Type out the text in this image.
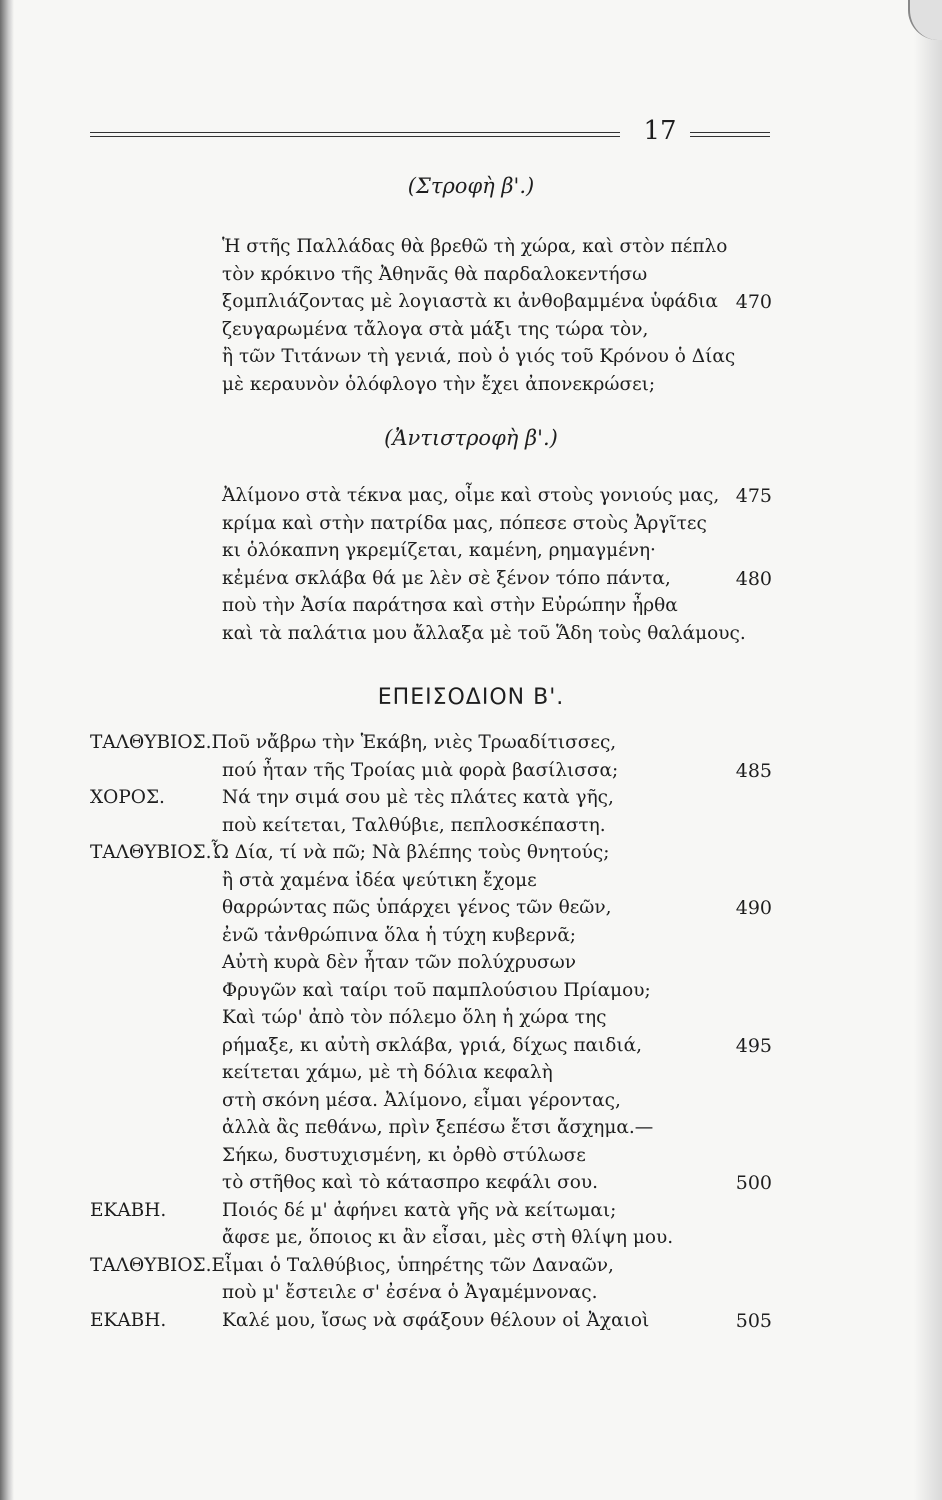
17
(Στροφὴ β'.)
Ἡ στῆς Παλλάδας θὰ βρεθῶ τὴ χώρα, καὶ στὸν πέπλο
τὸν κρόκινο τῆς Ἀθηνᾶς θὰ παρδαλοκεντήσω
ξομπλιάζοντας μὲ λογιαστὰ κι ἀνθοβαμμένα ὑφάδια 470
ζευγαρωμένα τἄλογα στὰ μάξι της τώρα τὸν,
ἢ τῶν Τιτάνων τὴ γενιά, ποὺ ὁ γιός τοῦ Κρόνου ὁ Δίας
μὲ κεραυνὸν ὁλόφλογο τὴν ἔχει ἀπονεκρώσει;
(Ἀντιστροφὴ β'.)
Ἀλίμονο στὰ τέκνα μας, οἶμε καὶ στοὺς γονιούς μας, 475
κρίμα καὶ στὴν πατρίδα μας, πόπεσε στοὺς Ἀργῖτες
κι ὁλόκαπνη γκρεμίζεται, καμένη, ρημαγμένη·
κἐμένα σκλάβα θά με λὲν σὲ ξένον τόπο πάντα,	480
ποὺ τὴν Ἀσία παράτησα καὶ στὴν Εὐρώπην ἦρθα
καὶ τὰ παλάτια μου ἄλλαξα μὲ τοῦ Ἅδη τοὺς θαλάμους.
ΕΠΕΙΣΟΔΙΟΝ Β'.
ΤΑΛΘΥΒΙΟΣ.Ποῦ νἄβρω τὴν Ἑκάβη, νιὲς Τρωαδίτισσες,
πού ἦταν τῆς Τροίας μιὰ φορὰ βασίλισσα;	485
ΧΟΡΟΣ.	Νά την σιμά σου μὲ τὲς πλάτες κατὰ γῆς,
ποὺ κείτεται, Ταλθύβιε, πεπλοσκέπαστη.
ΤΑΛΘΥΒΙΟΣ.Ὦ Δία, τί νὰ πῶ; Νὰ βλέπης τοὺς θνητούς;
ἢ στὰ χαμένα ἰδέα ψεύτικη ἔχομε
θαρρώντας πῶς ὑπάρχει γένος τῶν θεῶν,	490
ἐνῶ τἀνθρώπινα ὅλα ἡ τύχη κυβερνᾶ;
Αὐτὴ κυρὰ δὲν ἦταν τῶν πολύχρυσων
Φρυγῶν καὶ ταίρι τοῦ παμπλούσιου Πρίαμου;
Καὶ τώρ' ἀπὸ τὸν πόλεμο ὅλη ἡ χώρα της
ρήμαξε, κι αὐτὴ σκλάβα, γριά, δίχως παιδιά,	495
κείτεται χάμω, μὲ τὴ δόλια κεφαλὴ
στὴ σκόνη μέσα. Ἀλίμονο, εἶμαι γέροντας,
ἀλλὰ ἂς πεθάνω, πρὶν ξεπέσω ἔτσι ἄσχημα.—
Σήκω, δυστυχισμένη, κι ὀρθὸ στύλωσε
τὸ στῆθος καὶ τὸ κάτασπρο κεφάλι σου.	500
ΕΚΑΒΗ.	Ποιός δέ μ' ἀφήνει κατὰ γῆς νὰ κείτωμαι;
ἄφσε με, ὅποιος κι ἂν εἶσαι, μὲς στὴ θλίψη μου.
ΤΑΛΘΥΒΙΟΣ.Εἶμαι ὁ Ταλθύβιος, ὑπηρέτης τῶν Δαναῶν,
ποὺ μ' ἔστειλε σ' ἐσένα ὁ Ἀγαμέμνονας.
ΕΚΑΒΗ.	Καλέ μου, ἴσως νὰ σφάξουν θέλουν οἱ Ἀχαιοὶ	505
